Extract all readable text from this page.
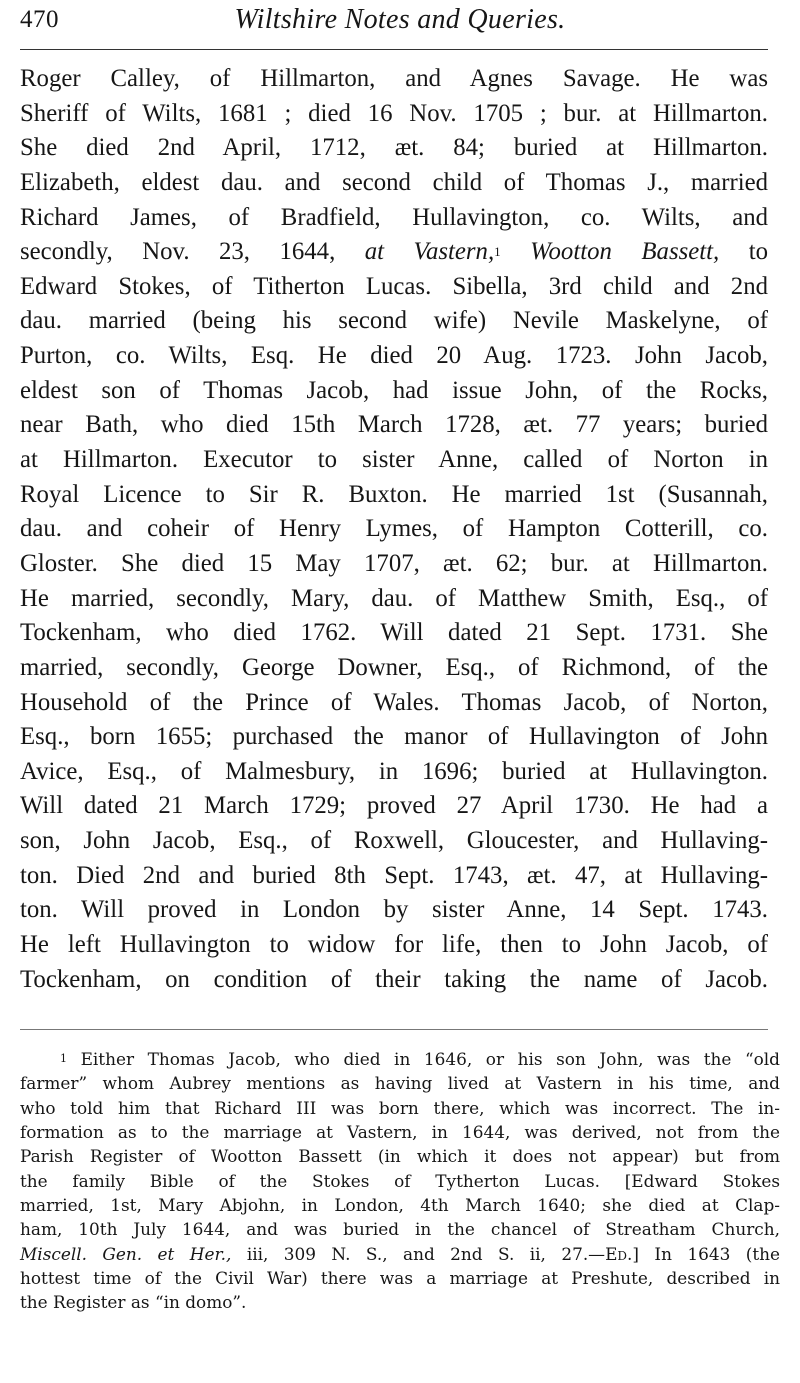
470	Wiltshire Notes and Queries.
Roger Calley, of Hillmarton, and Agnes Savage. He was
Sheriff of Wilts, 1681 ; died 16 Nov. 1705 ; bur. at Hillmarton.
She died 2nd April, 1712, æt. 84; buried at Hillmarton.
Elizabeth, eldest dau. and second child of Thomas J., married
Richard James, of Bradfield, Hullavington, co. Wilts, and
secondly, Nov. 23, 1644, at Vastern,$^1$ Wootton Bassett, to
Edward Stokes, of Titherton Lucas. Sibella, 3rd child and 2nd
dau. married (being his second wife) Nevile Maskelyne, of
Purton, co. Wilts, Esq. He died 20 Aug. 1723. John Jacob,
eldest son of Thomas Jacob, had issue John, of the Rocks,
near Bath, who died 15th March 1728, æt. 77 years; buried
at Hillmarton. Executor to sister Anne, called of Norton in
Royal Licence to Sir R. Buxton. He married 1st (Susannah,
dau. and coheir of Henry Lymes, of Hampton Cotterill, co.
Gloster. She died 15 May 1707, æt. 62; bur. at Hillmarton.
He married, secondly, Mary, dau. of Matthew Smith, Esq., of
Tockenham, who died 1762. Will dated 21 Sept. 1731. She
married, secondly, George Downer, Esq., of Richmond, of the
Household of the Prince of Wales. Thomas Jacob, of Norton,
Esq., born 1655; purchased the manor of Hullavington of John
Avice, Esq., of Malmesbury, in 1696; buried at Hullavington.
Will dated 21 March 1729; proved 27 April 1730. He had a
son, John Jacob, Esq., of Roxwell, Gloucester, and Hullaving-
ton. Died 2nd and buried 8th Sept. 1743, æt. 47, at Hullaving-
ton. Will proved in London by sister Anne, 14 Sept. 1743.
He left Hullavington to widow for life, then to John Jacob, of
Tockenham, on condition of their taking the name of Jacob.
$^1$ Either Thomas Jacob, who died in 1646, or his son John, was the “old
farmer” whom Aubrey mentions as having lived at Vastern in his time, and
who told him that Richard III was born there, which was incorrect. The in-
formation as to the marriage at Vastern, in 1644, was derived, not from the
Parish Register of Wootton Bassett (in which it does not appear) but from
the family Bible of the Stokes of Tytherton Lucas. [Edward Stokes
married, 1st, Mary Abjohn, in London, 4th March 1640; she died at Clap-
ham, 10th July 1644, and was buried in the chancel of Streatham Church,
Miscell. Gen. et Her., iii, 309 N. S., and 2nd S. ii, 27.—Ed.] In 1643 (the
hottest time of the Civil War) there was a marriage at Preshute, described in
the Register as “in domo”.
